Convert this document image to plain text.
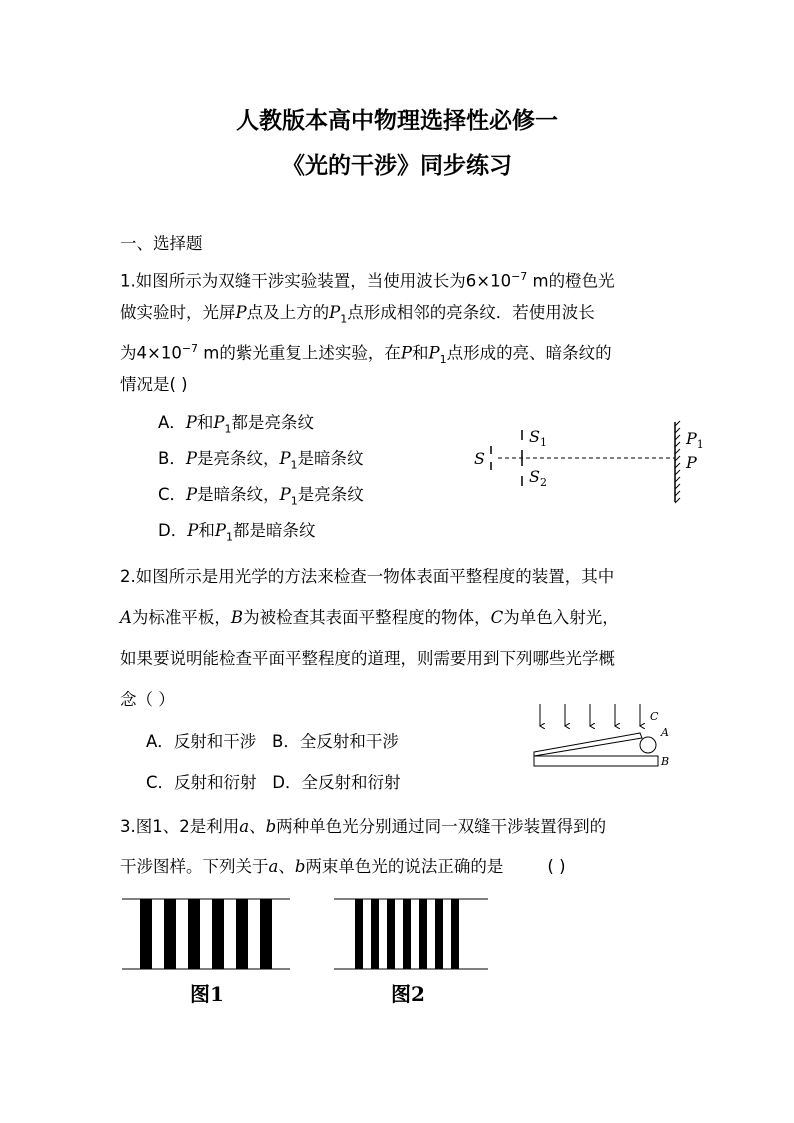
人教版本高中物理选择性必修一
《光的干涉》同步练习
一、选择题
1.如图所示为双缝干涉实验装置，当使用波长为$6\times 10^{-7}$ m的橙色光
做实验时，光屏P点及上方的$P_1$点形成相邻的亮条纹．若使用波长
为$4\times 10^{-7}$ m的紫光重复上述实验，在P和$P_1$点形成的亮、暗条纹的
情况是( )
A．P和$P_1$都是亮条纹
B．P是亮条纹，$P_1$是暗条纹
C．P是暗条纹，$P_1$是亮条纹
D．P和$P_1$都是暗条纹
S
$S_1$
$S_2$
$P_1$
P
2.如图所示是用光学的方法来检查一物体表面平整程度的装置，其中
A为标准平板，B为被检查其表面平整程度的物体，C为单色入射光，
如果要说明能检查平面平整程度的道理，则需要用到下列哪些光学概
念（ ）
A．反射和干涉   B．全反射和干涉
C．反射和衍射   D．全反射和衍射
C
A
B
3.图1、2是利用a、b两种单色光分别通过同一双缝干涉装置得到的
干涉图样。下列关于a、b两束单色光的说法正确的是	( )
图1	图2
